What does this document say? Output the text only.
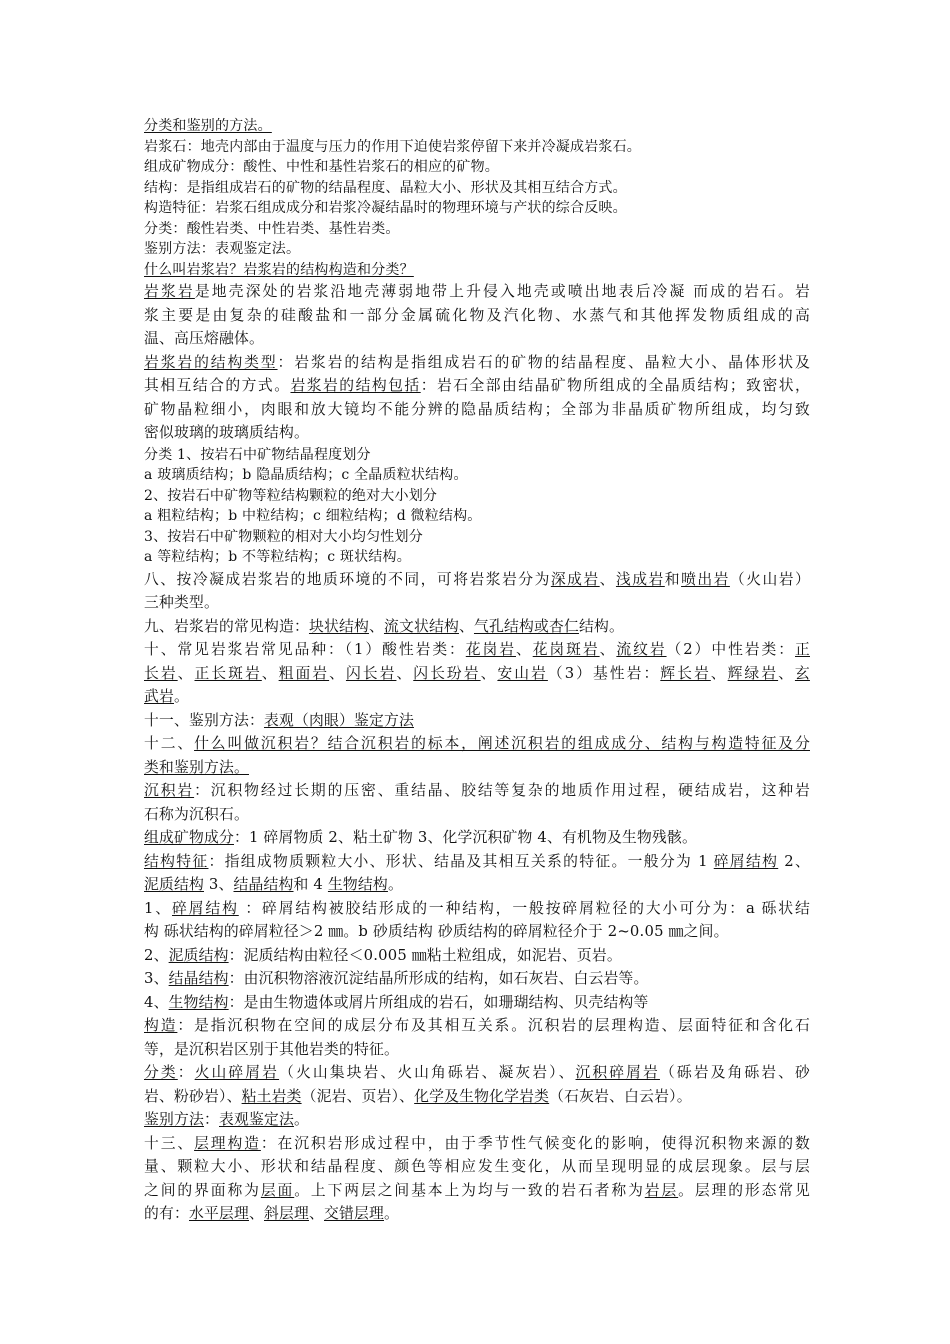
分类和鉴别的方法。
岩浆石：地壳内部由于温度与压力的作用下迫使岩浆停留下来并冷凝成岩浆石。
组成矿物成分：酸性、中性和基性岩浆石的相应的矿物。
结构：是指组成岩石的矿物的结晶程度、晶粒大小、形状及其相互结合方式。
构造特征：岩浆石组成成分和岩浆冷凝结晶时的物理环境与产状的综合反映。
分类：酸性岩类、中性岩类、基性岩类。
鉴别方法：表观鉴定法。
什么叫岩浆岩？岩浆岩的结构构造和分类？
岩浆岩是地壳深处的岩浆沿地壳薄弱地带上升侵入地壳或喷出地表后冷凝 而成的岩石。岩
浆主要是由复杂的硅酸盐和一部分金属硫化物及汽化物、水蒸气和其他挥发物质组成的高
温、高压熔融体。
岩浆岩的结构类型：岩浆岩的结构是指组成岩石的矿物的结晶程度、晶粒大小、晶体形状及
其相互结合的方式。岩浆岩的结构包括：岩石全部由结晶矿物所组成的全晶质结构；致密状，
矿物晶粒细小，肉眼和放大镜均不能分辨的隐晶质结构；全部为非晶质矿物所组成，均匀致
密似玻璃的玻璃质结构。
分类 1、按岩石中矿物结晶程度划分
a 玻璃质结构；b 隐晶质结构；c 全晶质粒状结构。
2、按岩石中矿物等粒结构颗粒的绝对大小划分
a 粗粒结构；b 中粒结构；c 细粒结构；d 微粒结构。
3、按岩石中矿物颗粒的相对大小均匀性划分
a 等粒结构；b 不等粒结构；c 斑状结构。
八、按冷凝成岩浆岩的地质环境的不同，可将岩浆岩分为深成岩、浅成岩和喷出岩（火山岩）
三种类型。
九、岩浆岩的常见构造：块状结构、流文状结构、气孔结构或杏仁结构。
十、常见岩浆岩常见品种：（1）酸性岩类：花岗岩、花岗斑岩、流纹岩（2）中性岩类：正
长岩、正长斑岩、粗面岩、闪长岩、闪长玢岩、安山岩（3）基性岩：辉长岩、辉绿岩、玄
武岩。
十一、鉴别方法：表观（肉眼）鉴定方法
十二、什么叫做沉积岩？结合沉积岩的标本，阐述沉积岩的组成成分、结构与构造特征及分
类和鉴别方法。
沉积岩：沉积物经过长期的压密、重结晶、胶结等复杂的地质作用过程，硬结成岩，这种岩
石称为沉积石。
组成矿物成分：1 碎屑物质 2、粘土矿物 3、化学沉积矿物 4、有机物及生物残骸。
结构特征：指组成物质颗粒大小、形状、结晶及其相互关系的特征。一般分为 1 碎屑结构 2、
泥质结构 3、结晶结构和 4 生物结构。
1、碎屑结构 ：碎屑结构被胶结形成的一种结构，一般按碎屑粒径的大小可分为：a 砾状结
构 砾状结构的碎屑粒径＞2 ㎜。b 砂质结构 砂质结构的碎屑粒径介于 2~0.05 ㎜之间。
2、泥质结构：泥质结构由粒径＜0.005 ㎜粘土粒组成，如泥岩、页岩。
3、结晶结构：由沉积物溶液沉淀结晶所形成的结构，如石灰岩、白云岩等。
4、生物结构：是由生物遗体或屑片所组成的岩石，如珊瑚结构、贝壳结构等
构造：是指沉积物在空间的成层分布及其相互关系。沉积岩的层理构造、层面特征和含化石
等，是沉积岩区别于其他岩类的特征。
分类：火山碎屑岩（火山集块岩、火山角砾岩、凝灰岩）、沉积碎屑岩（砾岩及角砾岩、砂
岩、粉砂岩）、粘土岩类（泥岩、页岩）、化学及生物化学岩类（石灰岩、白云岩）。
鉴别方法：表观鉴定法。
十三、层理构造：在沉积岩形成过程中，由于季节性气候变化的影响，使得沉积物来源的数
量、颗粒大小、形状和结晶程度、颜色等相应发生变化，从而呈现明显的成层现象。层与层
之间的界面称为层面。上下两层之间基本上为均与一致的岩石者称为岩层。层理的形态常见
的有：水平层理、斜层理、交错层理。
